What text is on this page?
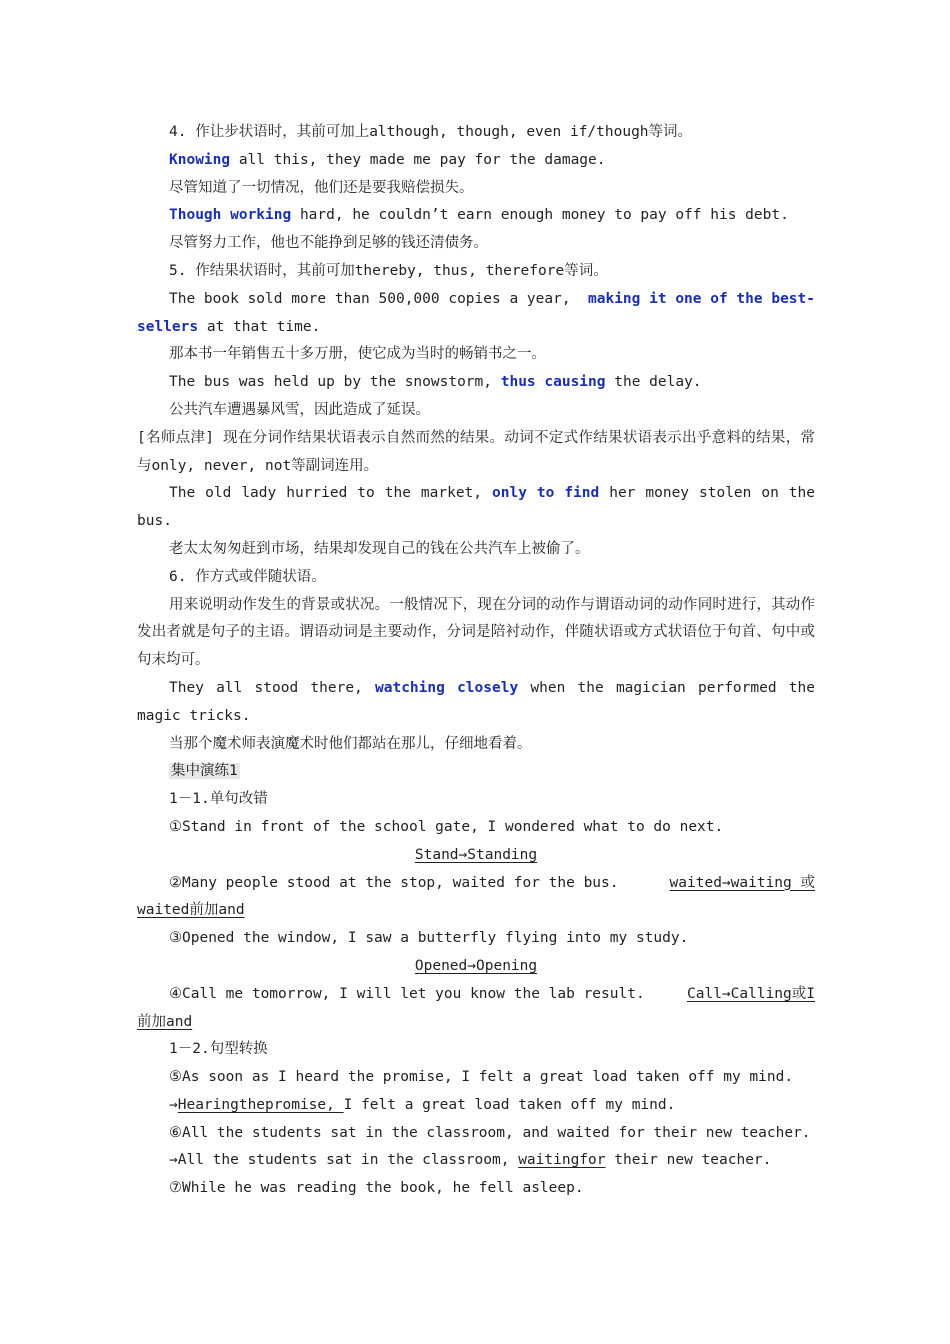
4. 作让步状语时，其前可加上although, though, even if/though等词。

Knowing all this, they made me pay for the damage.

尽管知道了一切情况，他们还是要我赔偿损失。

Though working hard, he couldn’t earn enough money to pay off his debt.

尽管努力工作，他也不能挣到足够的钱还清债务。

5. 作结果状语时，其前可加thereby, thus, therefore等词。

The book sold more than 500,000 copies a year, making it one of the best-

sellers at that time.

那本书一年销售五十多万册，使它成为当时的畅销书之一。

The bus was held up by the snowstorm, thus causing the delay.

公共汽车遭遇暴风雪，因此造成了延误。

[名师点津] 现在分词作结果状语表示自然而然的结果。动词不定式作结果状语表示出乎意料的结果，常与only, never, not等副词连用。

The old lady hurried to the market, only to find her money stolen on the bus.

老太太匆匆赶到市场，结果却发现自己的钱在公共汽车上被偷了。

6. 作方式或伴随状语。

用来说明动作发生的背景或状况。一般情况下，现在分词的动作与谓语动词的动作同时进行，其动作发出者就是句子的主语。谓语动词是主要动作，分词是陪衬动作，伴随状语或方式状语位于句首、句中或句末均可。

They all stood there, watching closely when the magician performed the magic tricks.

当那个魔术师表演魔术时他们都站在那儿，仔细地看着。

集中演练1

1－1.单句改错

①Stand in front of the school gate, I wondered what to do next.

Stand→Standing

②Many people stood at the stop, waited for the bus.	waited→waiting 或

waited前加and

③Opened the window, I saw a butterfly flying into my study.

Opened→Opening

④Call me tomorrow, I will let you know the lab result.	Call→Calling或I

前加and

1－2.句型转换

⑤As soon as I heard the promise, I felt a great load taken off my mind.

→Hearingthepromise, I felt a great load taken off my mind.

⑥All the students sat in the classroom, and waited for their new teacher.

→All the students sat in the classroom, waitingfor their new teacher.

⑦While he was reading the book, he fell asleep.
